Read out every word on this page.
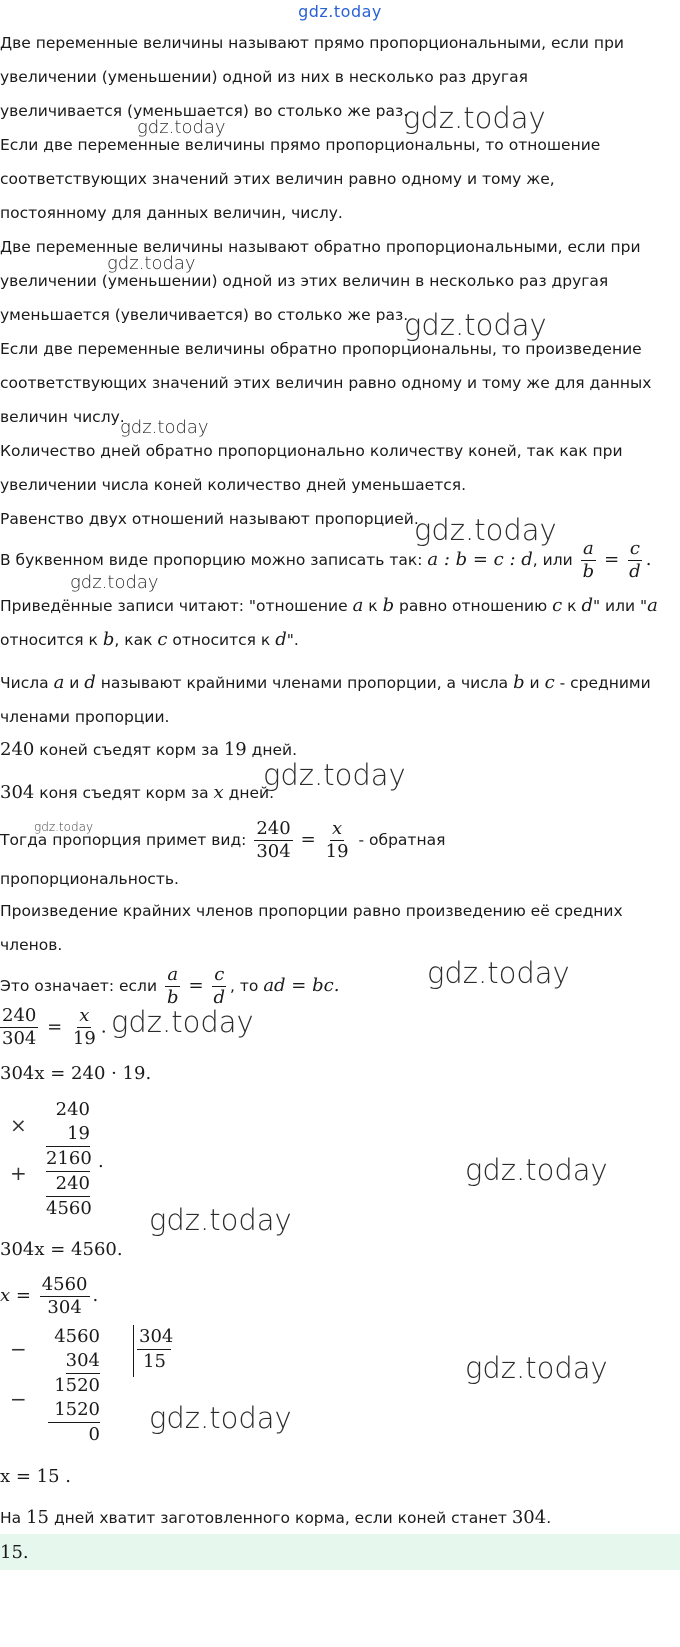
gdz.today
gdz.today
gdz.today
gdz.today
gdz.today
gdz.today
gdz.today
gdz.today
gdz.today
gdz.today
gdz.today
gdz.today
gdz.today
gdz.today
gdz.today
gdz.today
Две переменные величины называют прямо пропорциональными, если при
увеличении (уменьшении) одной из них в несколько раз другая
увеличивается (уменьшается) во столько же раз.
Если две переменные величины прямо пропорциональны, то отношение
соответствующих значений этих величин равно одному и тому же,
постоянному для данных величин, числу.
Две переменные величины называют обратно пропорциональными, если при
увеличении (уменьшении) одной из этих величин в несколько раз другая
уменьшается (увеличивается) во столько же раз.
Если две переменные величины обратно пропорциональны, то произведение
соответствующих значений этих величин равно одному и тому же для данных
величин числу.
Количество дней обратно пропорционально количеству коней, так как при
увеличении числа коней количество дней уменьшается.
Равенство двух отношений называют пропорцией.
В буквенном виде пропорцию можно записать так: a : b = c : d, или $\frac{a}{b} = \frac{c}{d}$ .
Приведённые записи читают: "отношение a к b равно отношению c к d" или "a
относится к b, как c относится к d".
Числа a и d называют крайними членами пропорции, а числа b и c - средними
членами пропорции.
240 коней съедят корм за 19 дней.
304 коня съедят корм за x дней.
Тогда пропорция примет вид: $\frac{240}{304} = \frac{x}{19}$ - обратная
пропорциональность.
Произведение крайних членов пропорции равно произведению её средних
членов.
Это означает: если $\frac{a}{b} = \frac{c}{d}$ , то ad = bc.
$\frac{240}{304} = \frac{x}{19}$ .
304x = 240 · 19.
×
+
240
19
2160
240
4560
.
304x = 4560.
$x = \frac{4560}{304}$ .
−
−
4560
304
1520
1520
0
304
15
x = 15 .
На 15 дней хватит заготовленного корма, если коней станет 304.
15.
